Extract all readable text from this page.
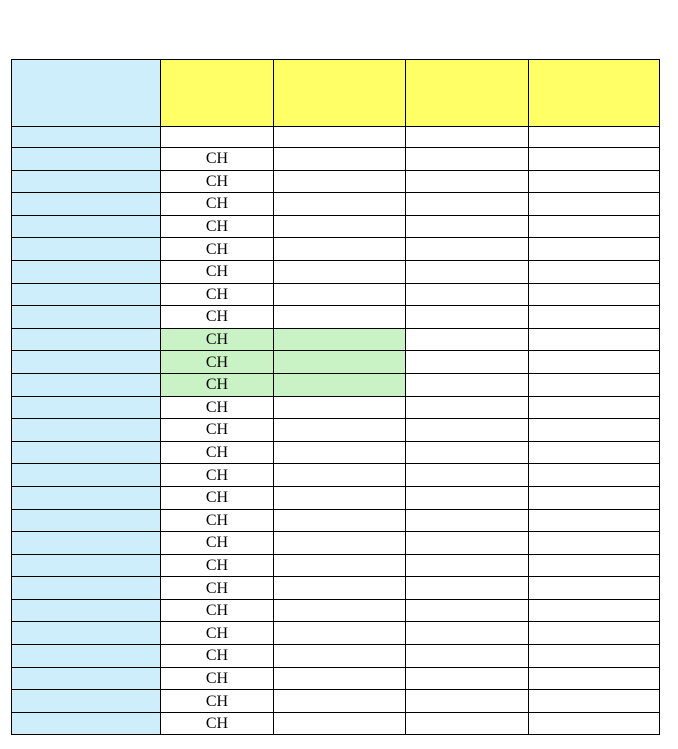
	CH			
	CH			
	CH			
	CH			
	CH			
	CH			
	CH			
	CH			
	CH			
	CH			
	CH			
	CH			
	CH			
	CH			
	CH			
	CH			
	CH			
	CH			
	CH			
	CH			
	CH			
	CH			
	CH			
	CH			
	CH			
	CH			
